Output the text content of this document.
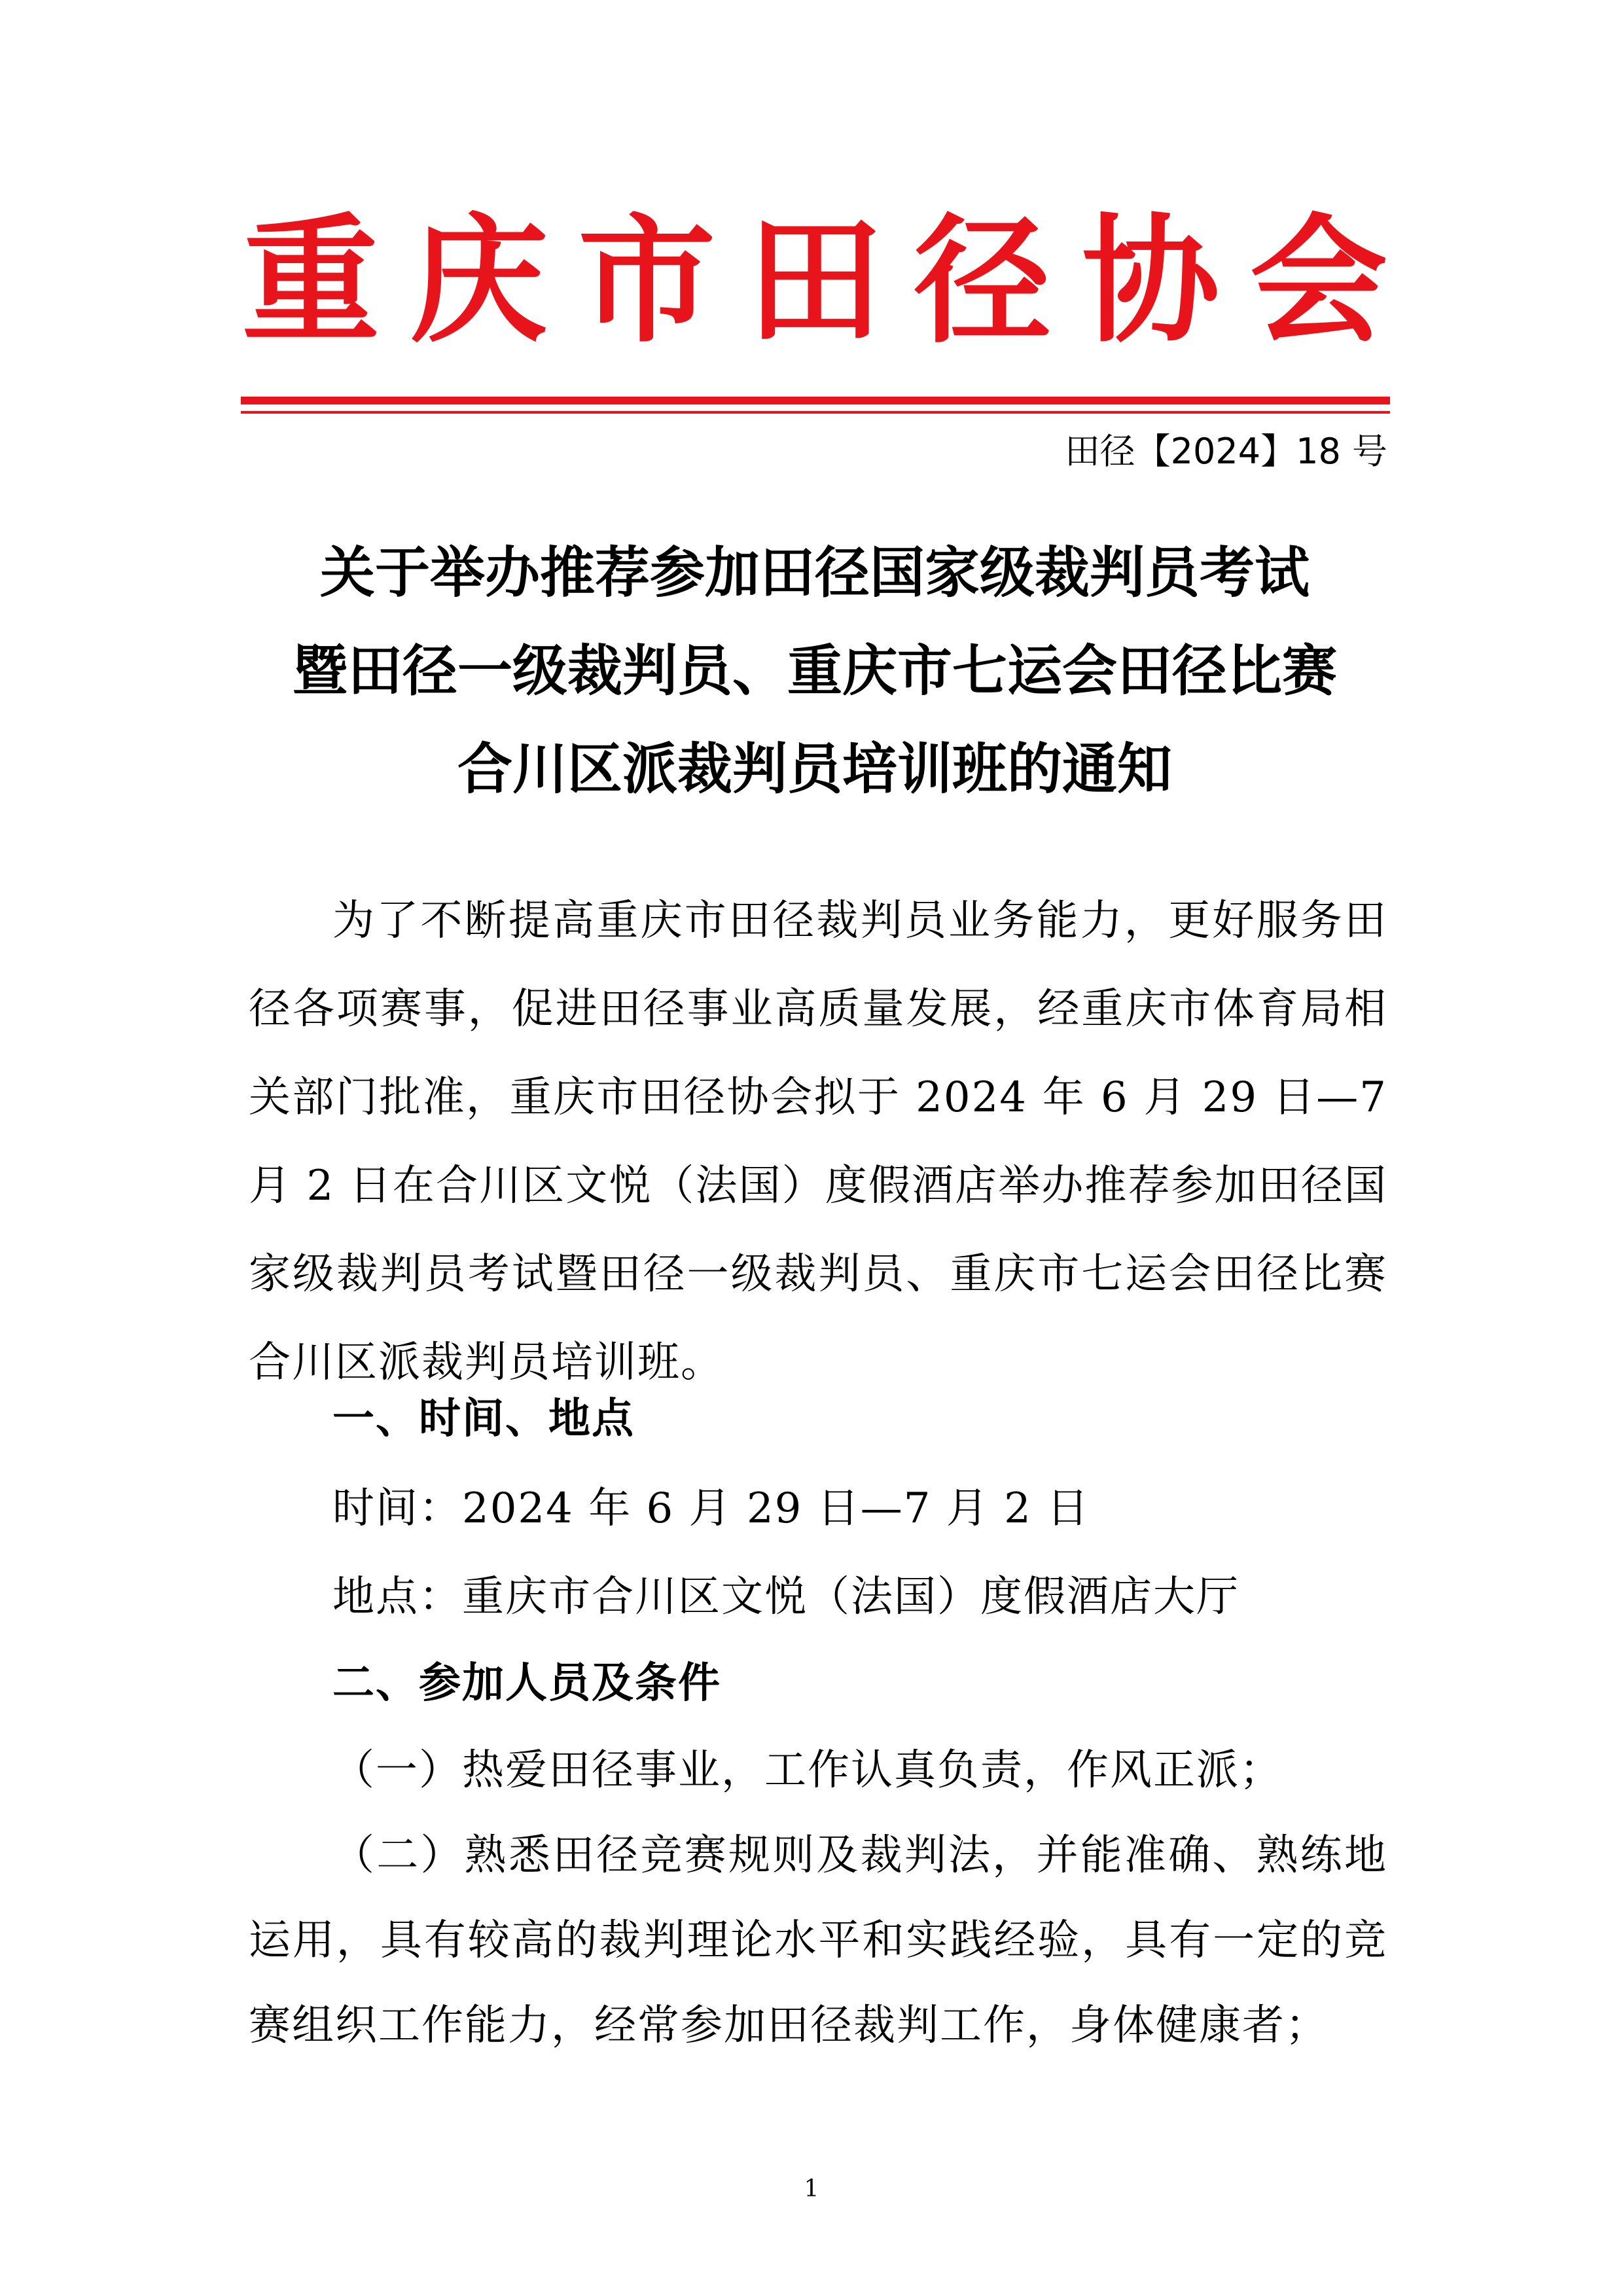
重 庆 市 田 径 协 会
田径【2024】18 号
关于举办推荐参加田径国家级裁判员考试
暨田径一级裁判员、重庆市七运会田径比赛
合川区派裁判员培训班的通知

为了不断提高重庆市田径裁判员业务能力，更好服务田径各项赛事，促进田径事业高质量发展，经重庆市体育局相关部门批准，重庆市田径协会拟于 2024 年 6 月 29 日—7 月 2 日在合川区文悦（法国）度假酒店举办推荐参加田径国家级裁判员考试暨田径一级裁判员、重庆市七运会田径比赛合川区派裁判员培训班。

一、时间、地点
时间：2024 年 6 月 29 日—7 月 2 日
地点：重庆市合川区文悦（法国）度假酒店大厅
二、参加人员及条件
（一）热爱田径事业，工作认真负责，作风正派；

（二）熟悉田径竞赛规则及裁判法，并能准确、熟练地运用，具有较高的裁判理论水平和实践经验，具有一定的竞赛组织工作能力，经常参加田径裁判工作，身体健康者；

1
